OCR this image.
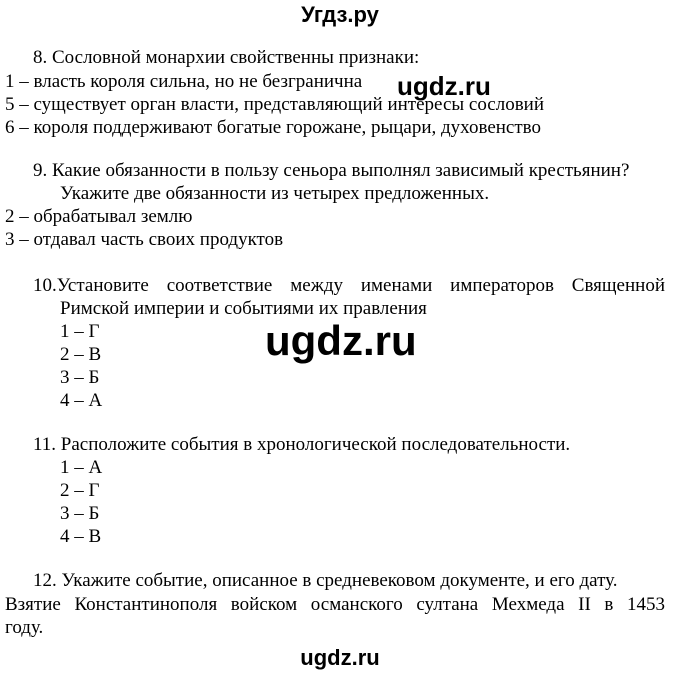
Угдз.ру
8. Сословной монархии свойственны признаки:
1 – власть короля сильна, но не безгранична
5 – существует орган власти, представляющий интересы сословий
6 – короля поддерживают богатые горожане, рыцари, духовенство
ugdz.ru
9. Какие обязанности в пользу сеньора выполнял зависимый крестьянин?
Укажите две обязанности из четырех предложенных.
2 – обрабатывал землю
3 – отдавал часть своих продуктов
10.Установите соответствие между именами императоров Священной
Римской империи и событиями их правления
1 – Г
2 – В
3 – Б
4 – А
ugdz.ru
11. Расположите события в хронологической последовательности.
1 – А
2 – Г
3 – Б
4 – В
12. Укажите событие, описанное в средневековом документе, и его дату.
Взятие Константинополя войском османского султана Мехмеда II в 1453
году.
ugdz.ru
